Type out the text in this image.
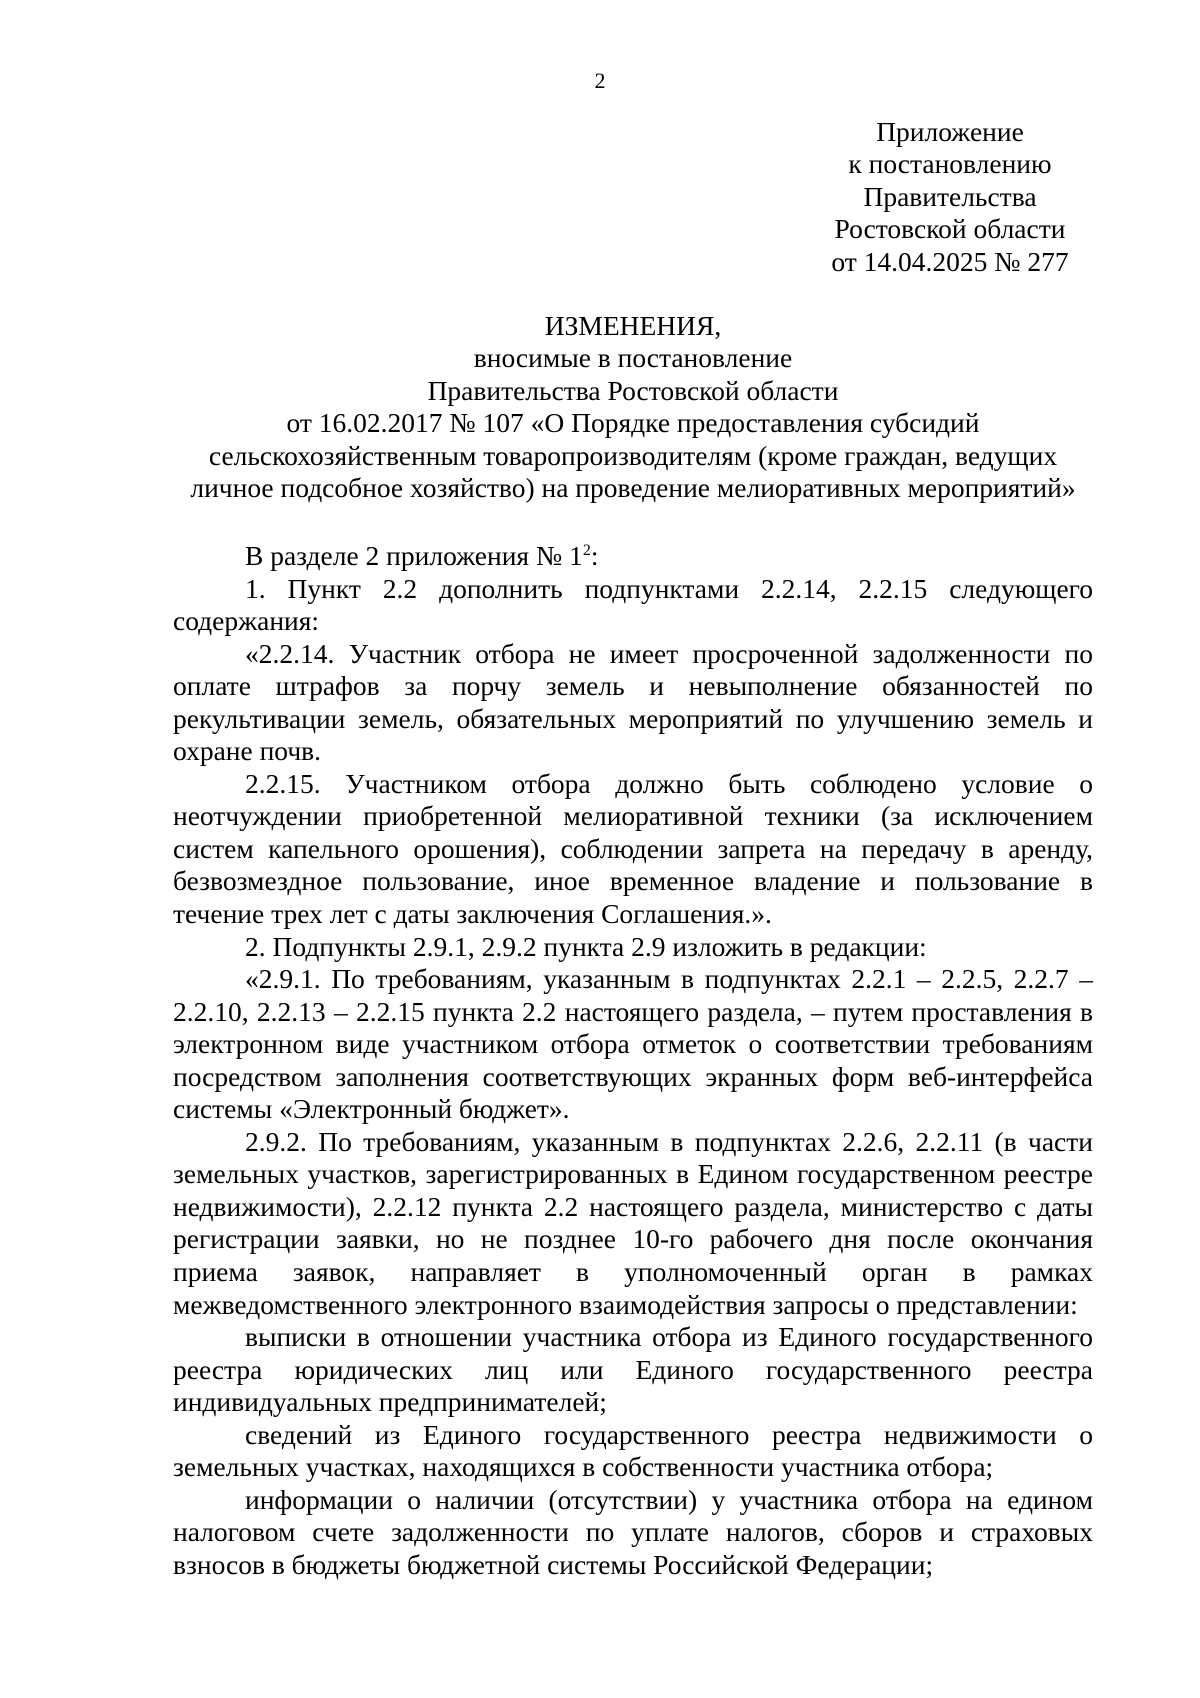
2
Приложение
к постановлению
Правительства
Ростовской области
от 14.04.2025 № 277
ИЗМЕНЕНИЯ,
вносимые в постановление
Правительства Ростовской области
от 16.02.2017 № 107 «О Порядке предоставления субсидий
сельскохозяйственным товаропроизводителям (кроме граждан, ведущих
личное подсобное хозяйство) на проведение мелиоративных мероприятий»

В разделе 2 приложения № $1^2$:

1. Пункт 2.2 дополнить подпунктами 2.2.14, 2.2.15 следующего содержания:

«2.2.14. Участник отбора не имеет просроченной задолженности по оплате штрафов за порчу земель и невыполнение обязанностей по рекультивации земель, обязательных мероприятий по улучшению земель и охране почв.

2.2.15. Участником отбора должно быть соблюдено условие о неотчуждении приобретенной мелиоративной техники (за исключением систем капельного орошения), соблюдении запрета на передачу в аренду, безвозмездное пользование, иное временное владение и пользование в течение трех лет с даты заключения Соглашения.».

2. Подпункты 2.9.1, 2.9.2 пункта 2.9 изложить в редакции:

«2.9.1. По требованиям, указанным в подпунктах 2.2.1 – 2.2.5, 2.2.7 – 2.2.10, 2.2.13 – 2.2.15 пункта 2.2 настоящего раздела, – путем проставления в электронном виде участником отбора отметок о соответствии требованиям посредством заполнения соответствующих экранных форм веб-интерфейса системы «Электронный бюджет».

2.9.2. По требованиям, указанным в подпунктах 2.2.6, 2.2.11 (в части земельных участков, зарегистрированных в Едином государственном реестре недвижимости), 2.2.12 пункта 2.2 настоящего раздела, министерство с даты регистрации заявки, но не позднее 10-го рабочего дня после окончания приема заявок, направляет в уполномоченный орган в рамках межведомственного электронного взаимодействия запросы о представлении:

выписки в отношении участника отбора из Единого государственного реестра юридических лиц или Единого государственного реестра индивидуальных предпринимателей;

сведений из Единого государственного реестра недвижимости о земельных участках, находящихся в собственности участника отбора;

информации о наличии (отсутствии) у участника отбора на едином налоговом счете задолженности по уплате налогов, сборов и страховых взносов в бюджеты бюджетной системы Российской Федерации;
